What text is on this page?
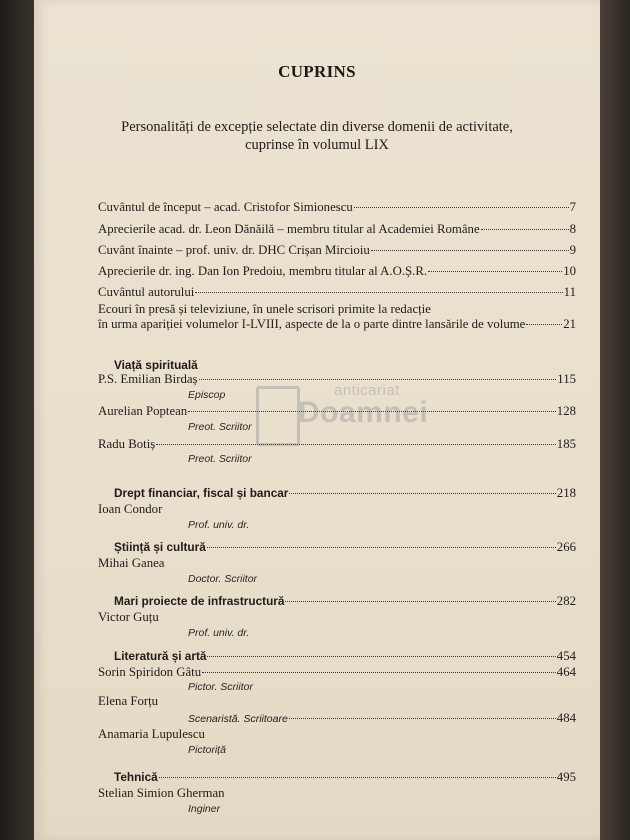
CUPRINS
Personalități de excepție selectate din diverse domenii de activitate,
cuprinse în volumul LIX
Cuvântul de început – acad. Cristofor Simionescu	7
Aprecierile acad. dr. Leon Dănăilă – membru titular al Academiei Române	8
Cuvânt înainte – prof. univ. dr. DHC Crișan Mircioiu	9
Aprecierile dr. ing. Dan Ion Predoiu, membru titular al A.O.Ș.R.	10
Cuvântul autorului	11
Ecouri în presă și televiziune, în unele scrisori primite la redacție
în urma apariției volumelor I-LVIII, aspecte de la o parte dintre lansările de volume	21
Viață spirituală
P.S. Emilian Birdaș	115
Episcop
Aurelian Poptean	128
Preot. Scriitor
Radu Botiș	185
Preot. Scriitor
Drept financiar, fiscal și bancar	218
Ioan Condor
Prof. univ. dr.
Știință și cultură	266
Mihai Ganea
Doctor. Scriitor
Mari proiecte de infrastructură	282
Victor Guțu
Prof. univ. dr.
Literatură și artă	454
Sorin Spiridon Gâtu	464
Pictor. Scriitor
Elena Forțu
Scenaristă. Scriitoare	484
Anamaria Lupulescu
Pictoriță
Tehnică	495
Stelian Simion Gherman
Inginer
anticariat
Doamnei
